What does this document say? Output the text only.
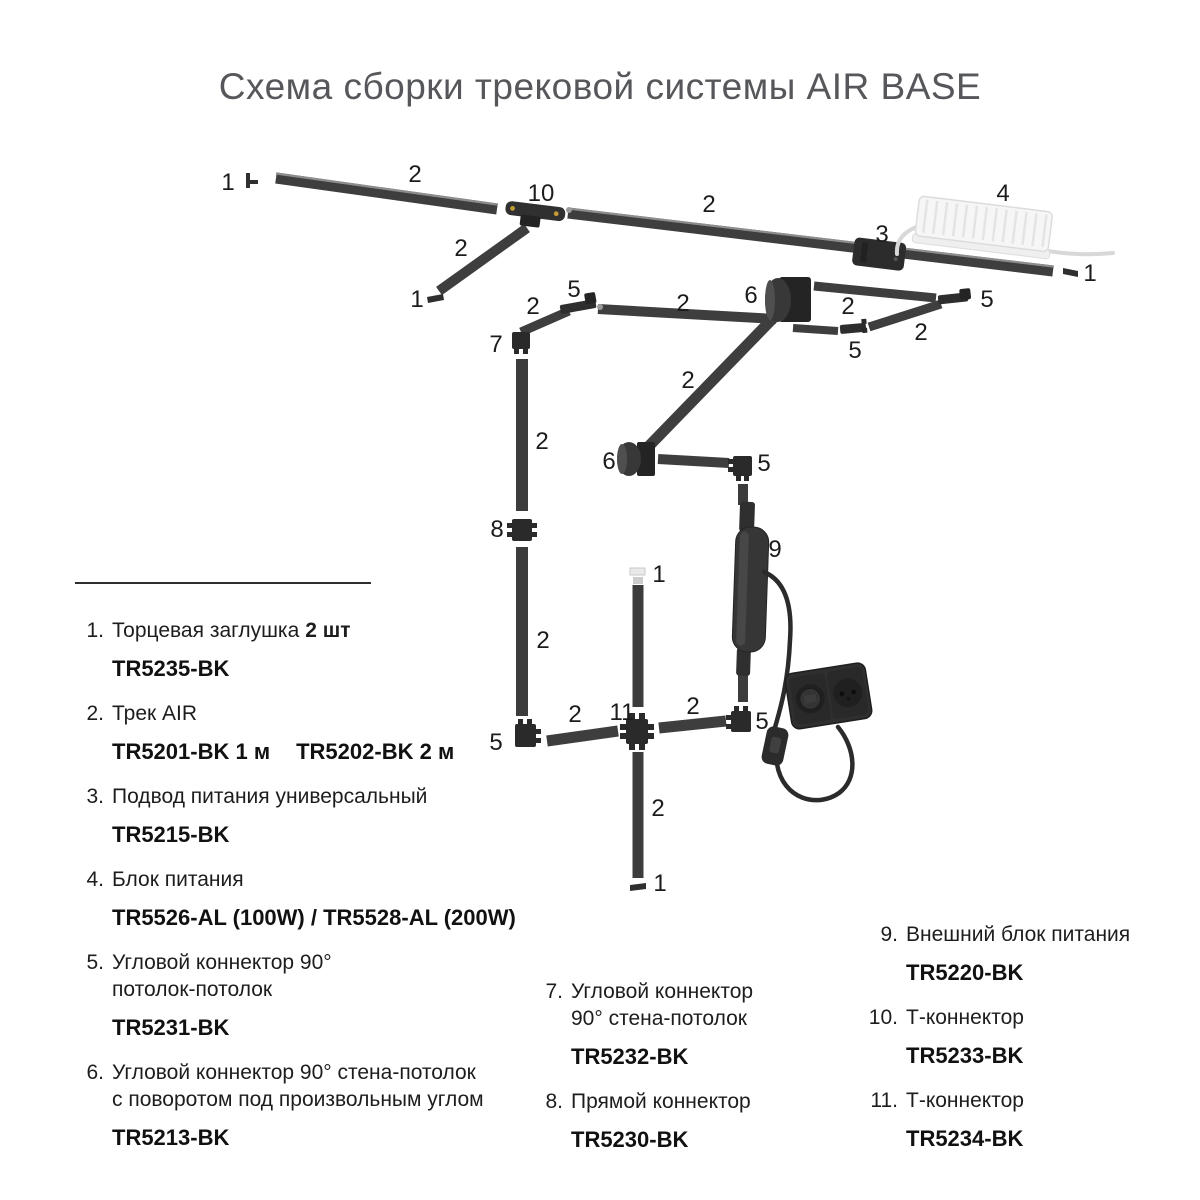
1	2
10	2
3
4
1
2
1	5
2
7
2
8
2 6
2
6	5
2	5
2
5
9
2
5
2 11
1
2
5
2
1
Схема сборки трековой системы AIR BASE
1. Торцевая заглушка 2 шт
TR5235-BK
2. Трек AIR
TR5201-BK 1 м TR5202-BK 2 м
3. Подвод питания универсальный
TR5215-BK
4. Блок питания
TR5526-AL (100W) / TR5528-AL (200W)
5. Угловой коннектор 90°
потолок-потолок
TR5231-BK
6. Угловой коннектор 90° стена-потолок
с поворотом под произвольным углом
TR5213-BK
7. Угловой коннектор
90° стена-потолок
TR5232-BK
8. Прямой коннектор
TR5230-BK
9. Внешний блок питания
TR5220-BK
10. Т-коннектор
TR5233-BK
11. Т-коннектор
TR5234-BK
